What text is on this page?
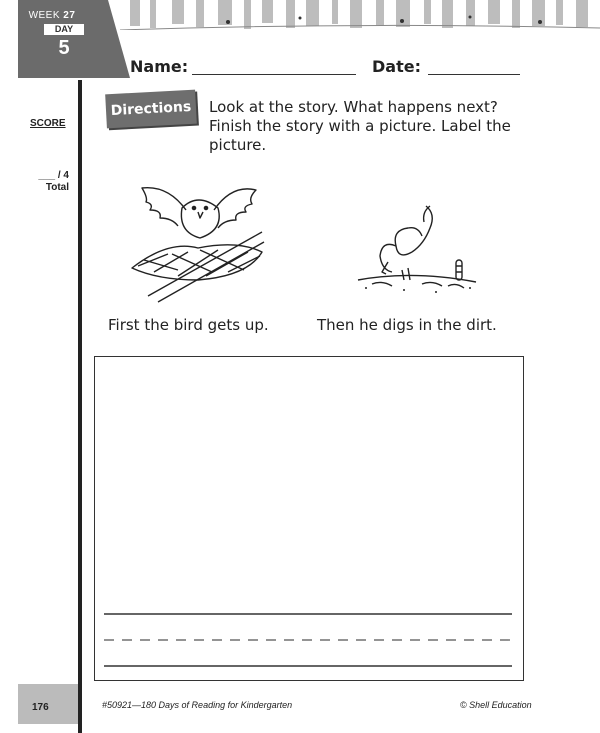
WEEK 27
DAY
5
SCORE
___ / 4
Total
Name:	Date:
Directions	Look at the story. What happens next? Finish the story with a picture. Label the picture.
First the bird gets up.	Then he digs in the dirt.
176	#50921—180 Days of Reading for Kindergarten	© Shell Education
